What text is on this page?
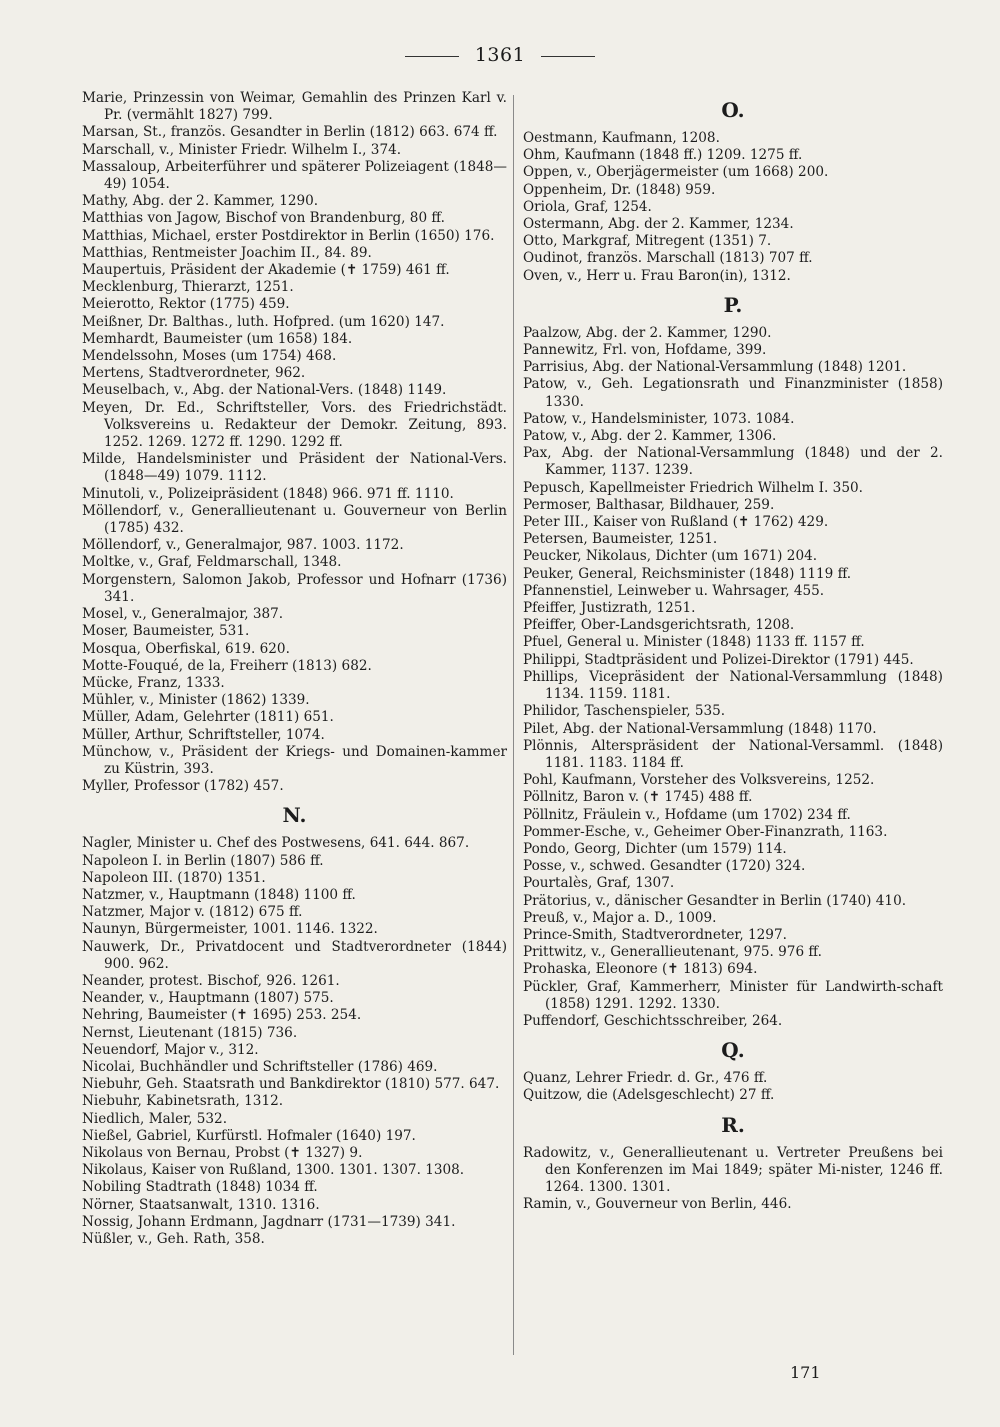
1361
Marie, Prinzessin von Weimar, Gemahlin des Prinzen Karl v. Pr. (vermählt 1827) 799.
Marsan, St., französ. Gesandter in Berlin (1812) 663. 674 ff.
Marschall, v., Minister Friedr. Wilhelm I., 374.
Massaloup, Arbeiterführer und späterer Polizeiagent (1848—49) 1054.
Mathy, Abg. der 2. Kammer, 1290.
Matthias von Jagow, Bischof von Brandenburg, 80 ff.
Matthias, Michael, erster Postdirektor in Berlin (1650) 176.
Matthias, Rentmeister Joachim II., 84. 89.
Maupertuis, Präsident der Akademie (✝ 1759) 461 ff.
Mecklenburg, Thierarzt, 1251.
Meierotto, Rektor (1775) 459.
Meißner, Dr. Balthas., luth. Hofpred. (um 1620) 147.
Memhardt, Baumeister (um 1658) 184.
Mendelssohn, Moses (um 1754) 468.
Mertens, Stadtverordneter, 962.
Meuselbach, v., Abg. der National-Vers. (1848) 1149.
Meyen, Dr. Ed., Schriftsteller, Vors. des Friedrichstädt. Volksvereins u. Redakteur der Demokr. Zeitung, 893. 1252. 1269. 1272 ff. 1290. 1292 ff.
Milde, Handelsminister und Präsident der National-Vers. (1848—49) 1079. 1112.
Minutoli, v., Polizeipräsident (1848) 966. 971 ff. 1110.
Möllendorf, v., Generallieutenant u. Gouverneur von Berlin (1785) 432.
Möllendorf, v., Generalmajor, 987. 1003. 1172.
Moltke, v., Graf, Feldmarschall, 1348.
Morgenstern, Salomon Jakob, Professor und Hofnarr (1736) 341.
Mosel, v., Generalmajor, 387.
Moser, Baumeister, 531.
Mosqua, Oberfiskal, 619. 620.
Motte-Fouqué, de la, Freiherr (1813) 682.
Mücke, Franz, 1333.
Mühler, v., Minister (1862) 1339.
Müller, Adam, Gelehrter (1811) 651.
Müller, Arthur, Schriftsteller, 1074.
Münchow, v., Präsident der Kriegs- und Domainen-kammer zu Küstrin, 393.
Myller, Professor (1782) 457.
N.
Nagler, Minister u. Chef des Postwesens, 641. 644. 867.
Napoleon I. in Berlin (1807) 586 ff.
Napoleon III. (1870) 1351.
Natzmer, v., Hauptmann (1848) 1100 ff.
Natzmer, Major v. (1812) 675 ff.
Naunyn, Bürgermeister, 1001. 1146. 1322.
Nauwerk, Dr., Privatdocent und Stadtverordneter (1844) 900. 962.
Neander, protest. Bischof, 926. 1261.
Neander, v., Hauptmann (1807) 575.
Nehring, Baumeister (✝ 1695) 253. 254.
Nernst, Lieutenant (1815) 736.
Neuendorf, Major v., 312.
Nicolai, Buchhändler und Schriftsteller (1786) 469.
Niebuhr, Geh. Staatsrath und Bankdirektor (1810) 577. 647.
Niebuhr, Kabinetsrath, 1312.
Niedlich, Maler, 532.
Nießel, Gabriel, Kurfürstl. Hofmaler (1640) 197.
Nikolaus von Bernau, Probst (✝ 1327) 9.
Nikolaus, Kaiser von Rußland, 1300. 1301. 1307. 1308.
Nobiling Stadtrath (1848) 1034 ff.
Nörner, Staatsanwalt, 1310. 1316.
Nossig, Johann Erdmann, Jagdnarr (1731—1739) 341.
Nüßler, v., Geh. Rath, 358.
O.
Oestmann, Kaufmann, 1208.
Ohm, Kaufmann (1848 ff.) 1209. 1275 ff.
Oppen, v., Oberjägermeister (um 1668) 200.
Oppenheim, Dr. (1848) 959.
Oriola, Graf, 1254.
Ostermann, Abg. der 2. Kammer, 1234.
Otto, Markgraf, Mitregent (1351) 7.
Oudinot, französ. Marschall (1813) 707 ff.
Oven, v., Herr u. Frau Baron(in), 1312.
P.
Paalzow, Abg. der 2. Kammer, 1290.
Pannewitz, Frl. von, Hofdame, 399.
Parrisius, Abg. der National-Versammlung (1848) 1201.
Patow, v., Geh. Legationsrath und Finanzminister (1858) 1330.
Patow, v., Handelsminister, 1073. 1084.
Patow, v., Abg. der 2. Kammer, 1306.
Pax, Abg. der National-Versammlung (1848) und der 2. Kammer, 1137. 1239.
Pepusch, Kapellmeister Friedrich Wilhelm I. 350.
Permoser, Balthasar, Bildhauer, 259.
Peter III., Kaiser von Rußland (✝ 1762) 429.
Petersen, Baumeister, 1251.
Peucker, Nikolaus, Dichter (um 1671) 204.
Peuker, General, Reichsminister (1848) 1119 ff.
Pfannenstiel, Leinweber u. Wahrsager, 455.
Pfeiffer, Justizrath, 1251.
Pfeiffer, Ober-Landsgerichtsrath, 1208.
Pfuel, General u. Minister (1848) 1133 ff. 1157 ff.
Philippi, Stadtpräsident und Polizei-Direktor (1791) 445.
Phillips, Vicepräsident der National-Versammlung (1848) 1134. 1159. 1181.
Philidor, Taschenspieler, 535.
Pilet, Abg. der National-Versammlung (1848) 1170.
Plönnis, Alterspräsident der National-Versamml. (1848) 1181. 1183. 1184 ff.
Pohl, Kaufmann, Vorsteher des Volksvereins, 1252.
Pöllnitz, Baron v. (✝ 1745) 488 ff.
Pöllnitz, Fräulein v., Hofdame (um 1702) 234 ff.
Pommer-Esche, v., Geheimer Ober-Finanzrath, 1163.
Pondo, Georg, Dichter (um 1579) 114.
Posse, v., schwed. Gesandter (1720) 324.
Pourtalès, Graf, 1307.
Prätorius, v., dänischer Gesandter in Berlin (1740) 410.
Preuß, v., Major a. D., 1009.
Prince-Smith, Stadtverordneter, 1297.
Prittwitz, v., Generallieutenant, 975. 976 ff.
Prohaska, Eleonore (✝ 1813) 694.
Pückler, Graf, Kammerherr, Minister für Landwirth-schaft (1858) 1291. 1292. 1330.
Puffendorf, Geschichtsschreiber, 264.
Q.
Quanz, Lehrer Friedr. d. Gr., 476 ff.
Quitzow, die (Adelsgeschlecht) 27 ff.
R.
Radowitz, v., Generallieutenant u. Vertreter Preußens bei den Konferenzen im Mai 1849; später Mi-nister, 1246 ff. 1264. 1300. 1301.
Ramin, v., Gouverneur von Berlin, 446.
171
